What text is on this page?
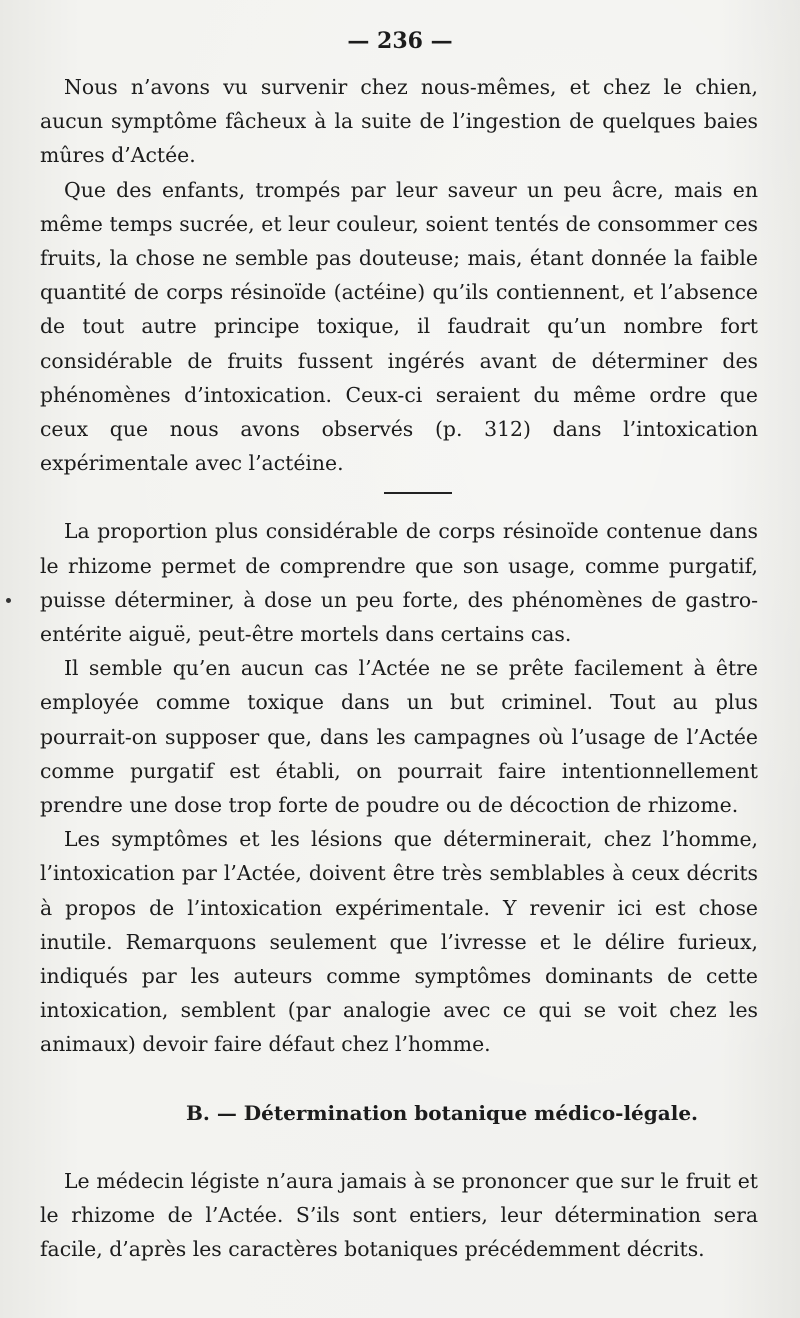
— 236 —

Nous n’avons vu survenir chez nous-mêmes, et chez le chien, aucun symptôme fâcheux à la suite de l’ingestion de quelques baies mûres d’Actée.

Que des enfants, trompés par leur saveur un peu âcre, mais en même temps sucrée, et leur couleur, soient tentés de consommer ces fruits, la chose ne semble pas douteuse; mais, étant donnée la faible quantité de corps résinoïde (actéine) qu’ils contiennent, et l’absence de tout autre principe toxique, il faudrait qu’un nombre fort considérable de fruits fussent ingérés avant de déterminer des phénomènes d’intoxication. Ceux-ci seraient du même ordre que ceux que nous avons observés (p. 312) dans l’intoxication expérimentale avec l’actéine.

La proportion plus considérable de corps résinoïde contenue dans le rhizome permet de comprendre que son usage, comme purgatif, puisse déterminer, à dose un peu forte, des phénomènes de gastro-entérite aiguë, peut-être mortels dans certains cas.

Il semble qu’en aucun cas l’Actée ne se prête facilement à être employée comme toxique dans un but criminel. Tout au plus pourrait-on supposer que, dans les campagnes où l’usage de l’Actée comme purgatif est établi, on pourrait faire intentionnellement prendre une dose trop forte de poudre ou de décoction de rhizome.

Les symptômes et les lésions que déterminerait, chez l’homme, l’intoxication par l’Actée, doivent être très semblables à ceux décrits à propos de l’intoxication expérimentale. Y revenir ici est chose inutile. Remarquons seulement que l’ivresse et le délire furieux, indiqués par les auteurs comme symptômes dominants de cette intoxication, semblent (par analogie avec ce qui se voit chez les animaux) devoir faire défaut chez l’homme.

B. — Détermination botanique médico-légale.

Le médecin légiste n’aura jamais à se prononcer que sur le fruit et le rhizome de l’Actée. S’ils sont entiers, leur détermination sera facile, d’après les caractères botaniques précédemment décrits.
